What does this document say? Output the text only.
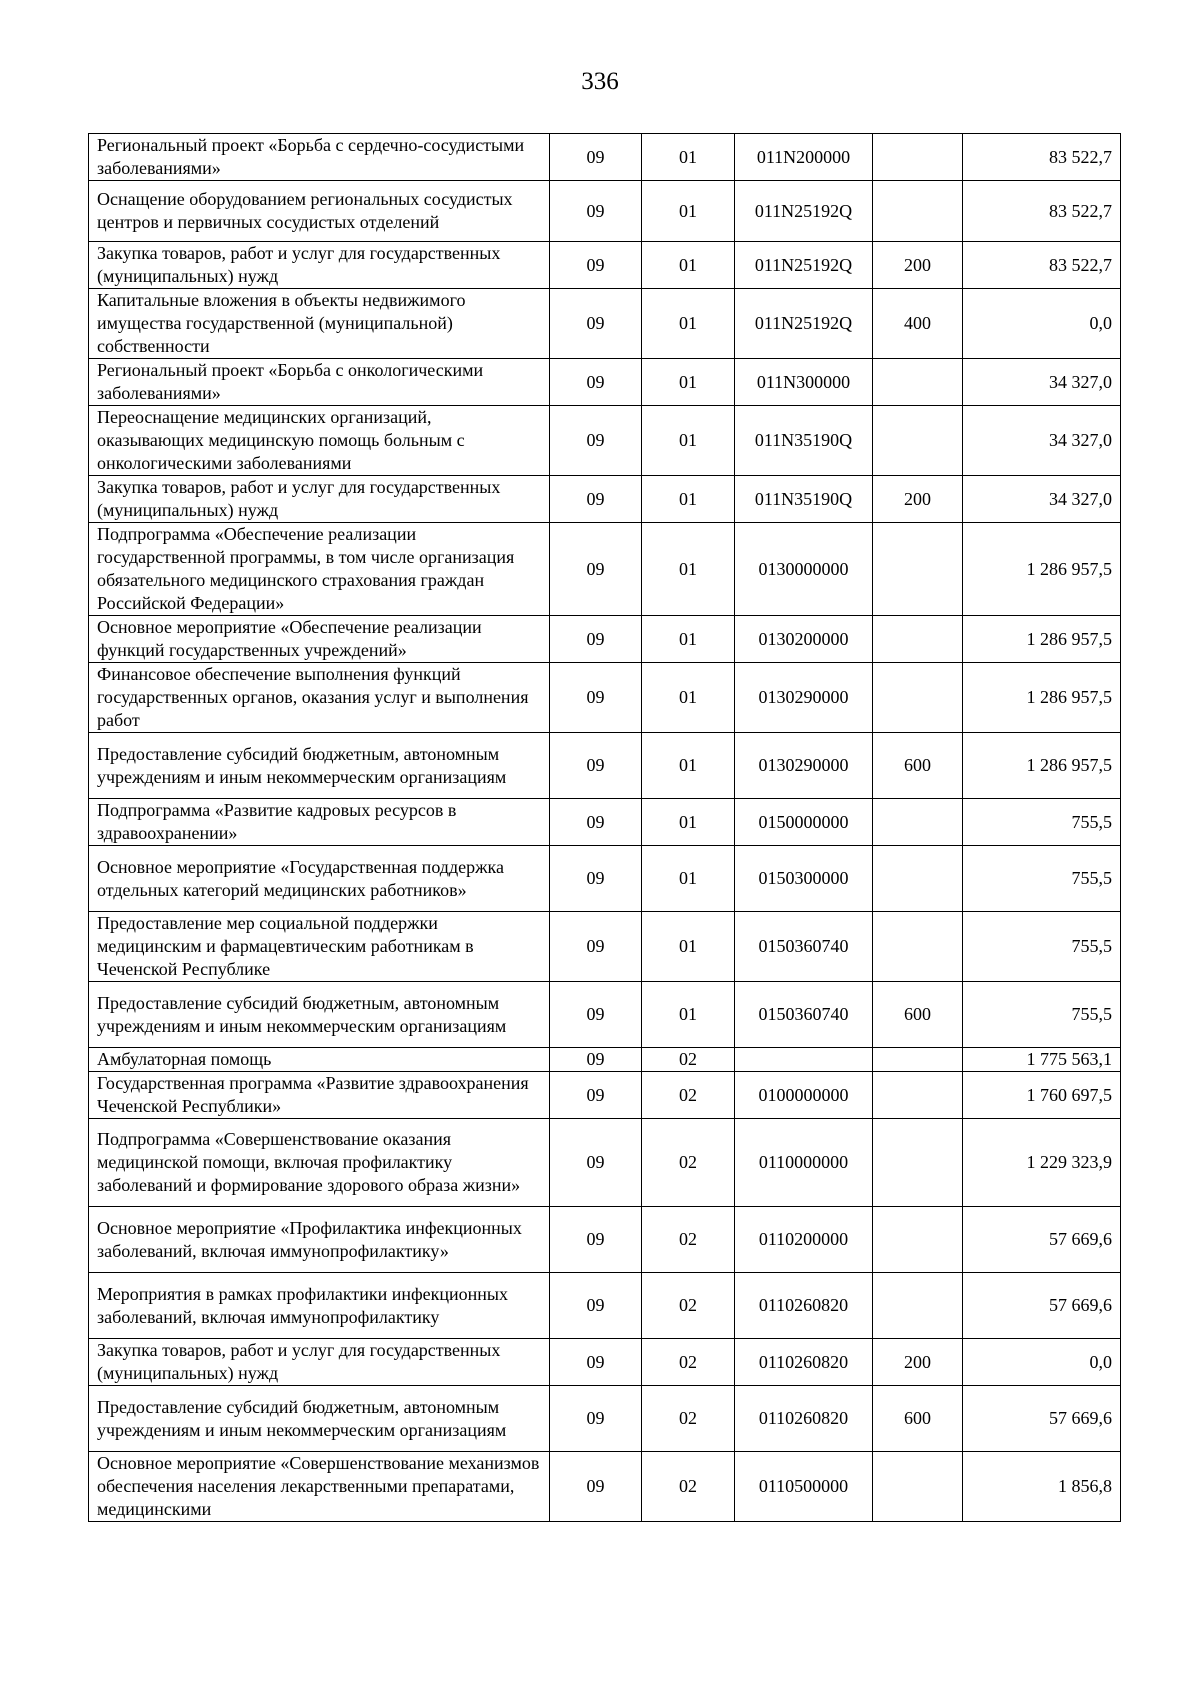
336
Региональный проект «Борьба с сердечно-сосудистыми заболеваниями»	09	01	011N200000		83 522,7
Оснащение оборудованием региональных сосудистых центров и первичных сосудистых отделений	09	01	011N25192Q		83 522,7
Закупка товаров, работ и услуг для государственных (муниципальных) нужд	09	01	011N25192Q	200	83 522,7
Капитальные вложения в объекты недвижимого имущества государственной (муниципальной) собственности	09	01	011N25192Q	400	0,0
Региональный проект «Борьба с онкологическими заболеваниями»	09	01	011N300000		34 327,0
Переоснащение медицинских организаций, оказывающих медицинскую помощь больным с онкологическими заболеваниями	09	01	011N35190Q		34 327,0
Закупка товаров, работ и услуг для государственных (муниципальных) нужд	09	01	011N35190Q	200	34 327,0
Подпрограмма «Обеспечение реализации государственной программы, в том числе организация обязательного медицинского страхования граждан Российской Федерации»	09	01	0130000000		1 286 957,5
Основное мероприятие «Обеспечение реализации функций государственных учреждений»	09	01	0130200000		1 286 957,5
Финансовое обеспечение выполнения функций государственных органов, оказания услуг и выполнения работ	09	01	0130290000		1 286 957,5
Предоставление субсидий бюджетным, автономным учреждениям и иным некоммерческим организациям	09	01	0130290000	600	1 286 957,5
Подпрограмма «Развитие кадровых ресурсов в здравоохранении»	09	01	0150000000		755,5
Основное мероприятие «Государственная поддержка отдельных категорий медицинских работников»	09	01	0150300000		755,5
Предоставление мер социальной поддержки медицинским и фармацевтическим работникам в Чеченской Республике	09	01	0150360740		755,5
Предоставление субсидий бюджетным, автономным учреждениям и иным некоммерческим организациям	09	01	0150360740	600	755,5
Амбулаторная помощь	09	02			1 775 563,1
Государственная программа «Развитие здравоохранения Чеченской Республики»	09	02	0100000000		1 760 697,5
Подпрограмма «Совершенствование оказания медицинской помощи, включая профилактику заболеваний и формирование здорового образа жизни»	09	02	0110000000		1 229 323,9
Основное мероприятие «Профилактика инфекционных заболеваний, включая иммунопрофилактику»	09	02	0110200000		57 669,6
Мероприятия в рамках профилактики инфекционных заболеваний, включая иммунопрофилактику	09	02	0110260820		57 669,6
Закупка товаров, работ и услуг для государственных (муниципальных) нужд	09	02	0110260820	200	0,0
Предоставление субсидий бюджетным, автономным учреждениям и иным некоммерческим организациям	09	02	0110260820	600	57 669,6
Основное мероприятие «Совершенствование механизмов обеспечения населения лекарственными препаратами, медицинскими	09	02	0110500000		1 856,8
